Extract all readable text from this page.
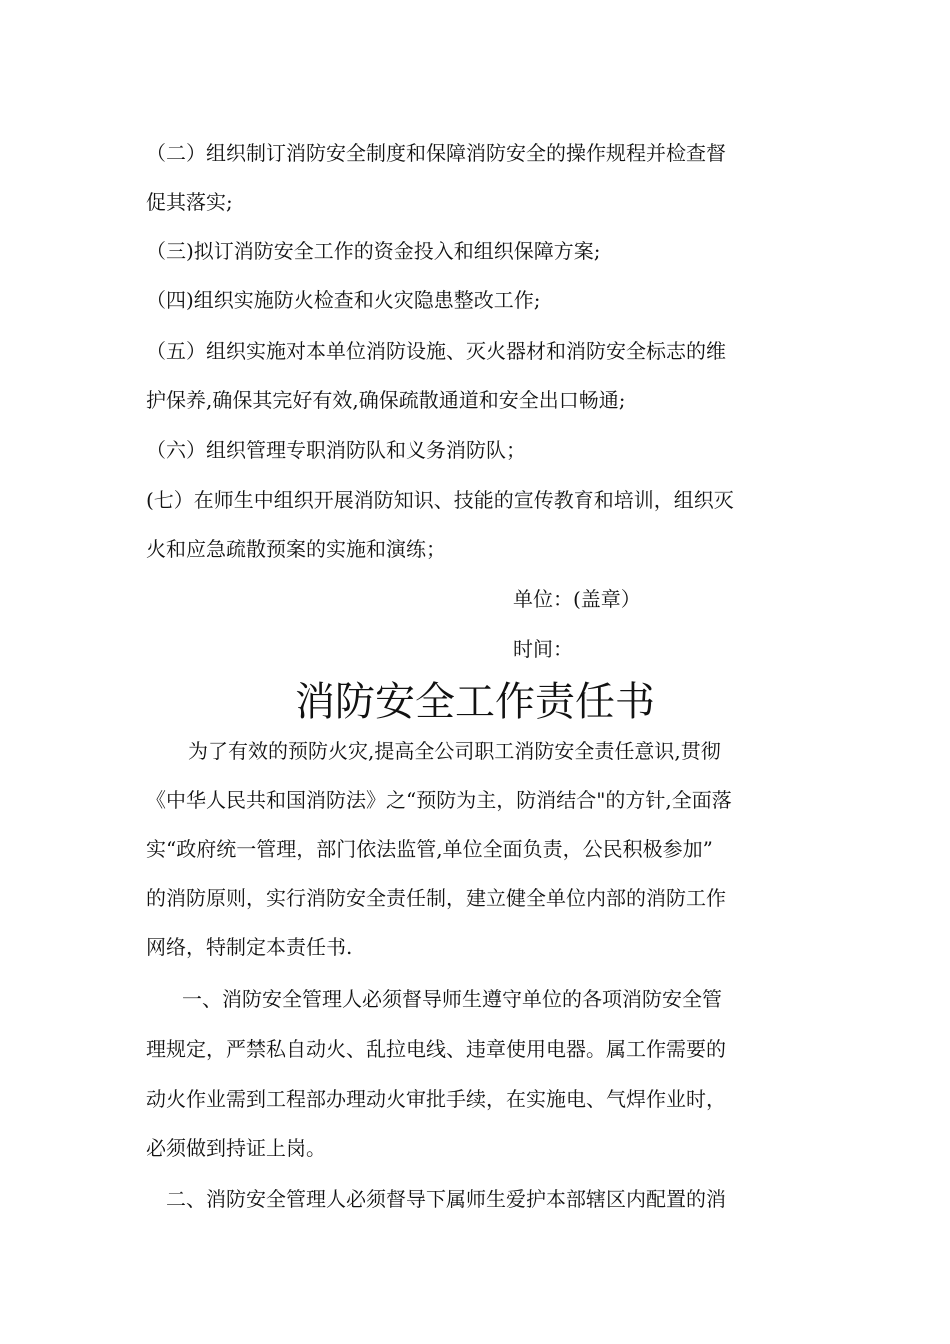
（二）组织制订消防安全制度和保障消防安全的操作规程并检查督
促其落实;
（三)拟订消防安全工作的资金投入和组织保障方案;
（四)组织实施防火检查和火灾隐患整改工作;
（五）组织实施对本单位消防设施、灭火器材和消防安全标志的维
护保养,确保其完好有效,确保疏散通道和安全出口畅通;
（六）组织管理专职消防队和义务消防队；
(七）在师生中组织开展消防知识、技能的宣传教育和培训，组织灭
火和应急疏散预案的实施和演练；
单位：(盖章）
时间：
消防安全工作责任书
为了有效的预防火灾,提高全公司职工消防安全责任意识,贯彻
《中华人民共和国消防法》之“预防为主，防消结合"的方针,全面落
实“政府统一管理，部门依法监管,单位全面负责，公民积极参加”
的消防原则，实行消防安全责任制，建立健全单位内部的消防工作
网络，特制定本责任书.
一、消防安全管理人必须督导师生遵守单位的各项消防安全管
理规定，严禁私自动火、乱拉电线、违章使用电器。属工作需要的
动火作业需到工程部办理动火审批手续，在实施电、气焊作业时，
必须做到持证上岗。
二、消防安全管理人必须督导下属师生爱护本部辖区内配置的消
